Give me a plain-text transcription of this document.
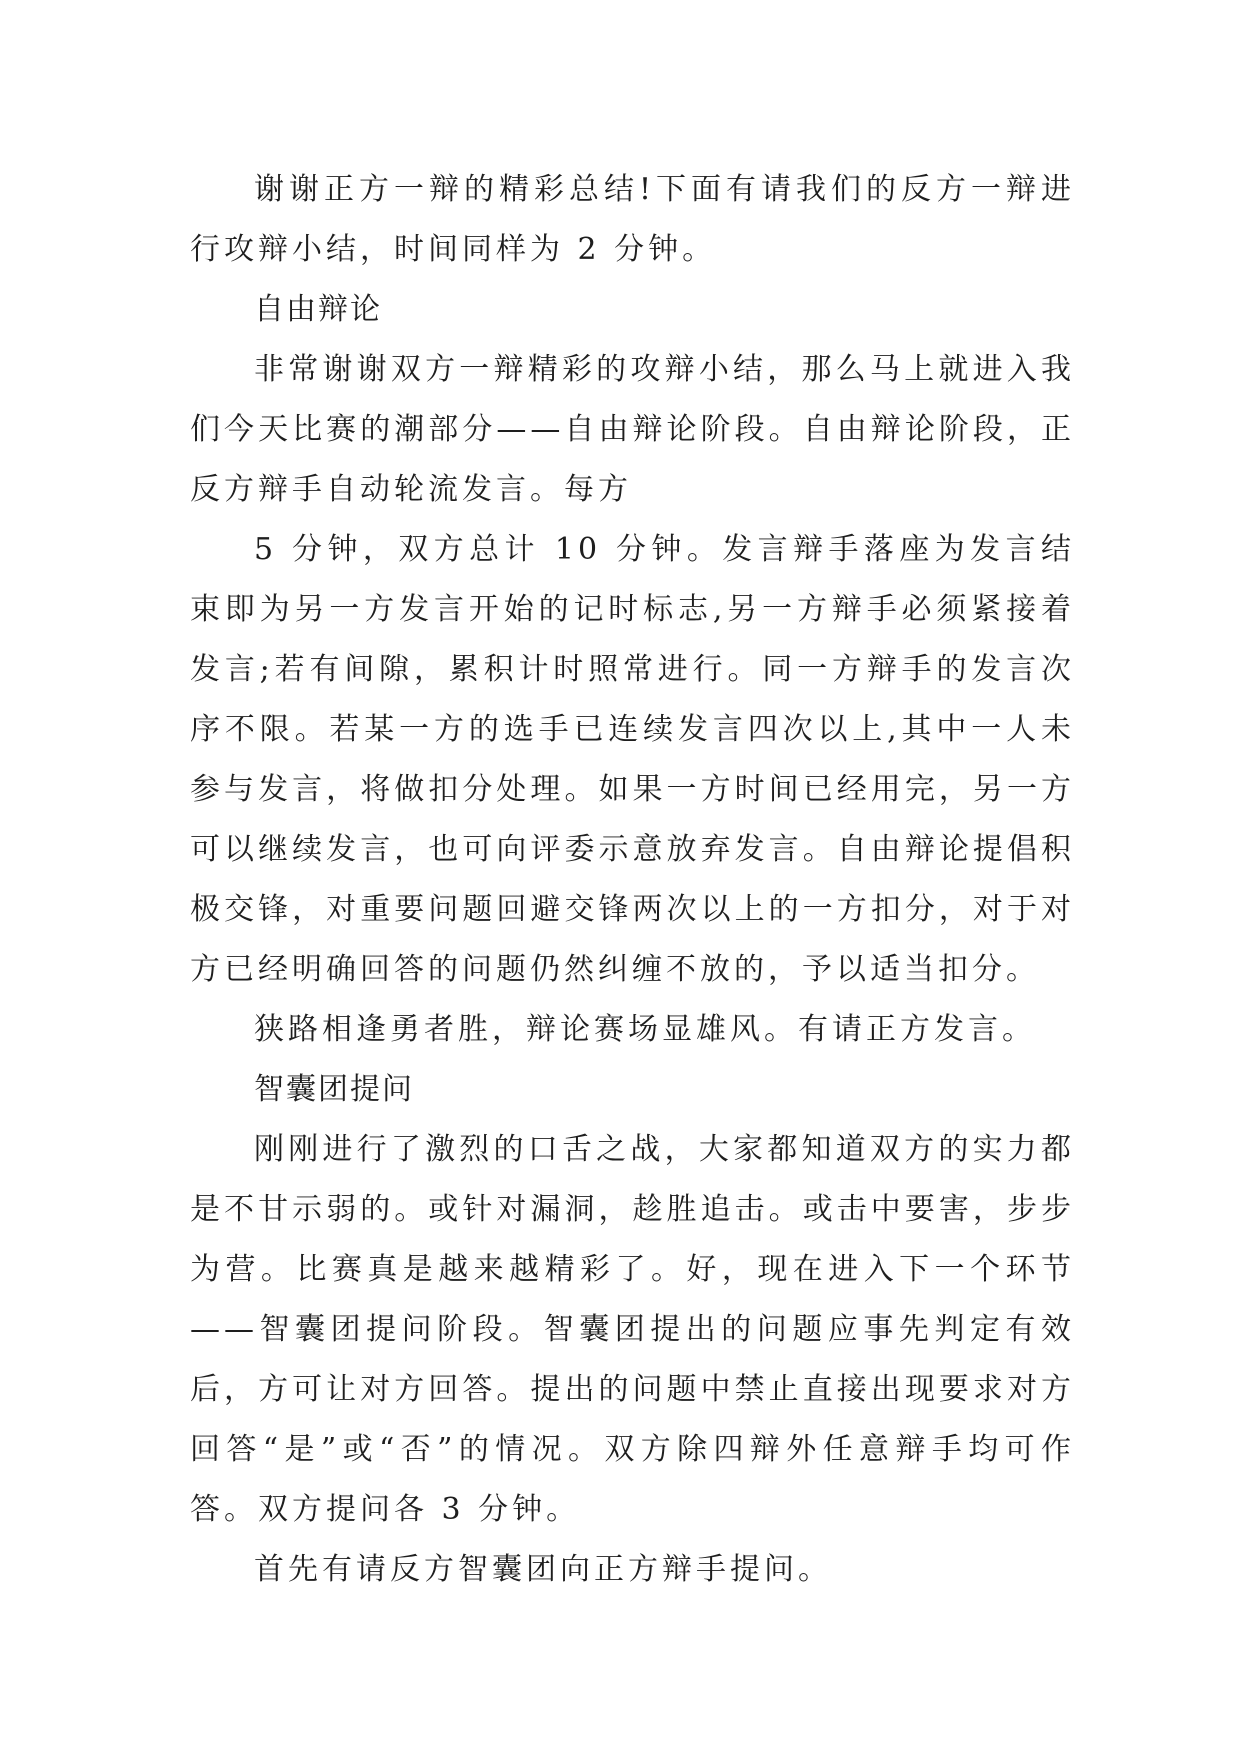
谢谢正方一辩的精彩总结!下面有请我们的反方一辩进行攻辩小结，时间同样为 2 分钟。

自由辩论

非常谢谢双方一辩精彩的攻辩小结，那么马上就进入我们今天比赛的潮部分——自由辩论阶段。自由辩论阶段，正反方辩手自动轮流发言。每方

5 分钟，双方总计 10 分钟。发言辩手落座为发言结束即为另一方发言开始的记时标志,另一方辩手必须紧接着发言;若有间隙，累积计时照常进行。同一方辩手的发言次序不限。若某一方的选手已连续发言四次以上,其中一人未参与发言，将做扣分处理。如果一方时间已经用完，另一方可以继续发言，也可向评委示意放弃发言。自由辩论提倡积极交锋，对重要问题回避交锋两次以上的一方扣分，对于对方已经明确回答的问题仍然纠缠不放的，予以适当扣分。

狭路相逢勇者胜，辩论赛场显雄风。有请正方发言。

智囊团提问

刚刚进行了激烈的口舌之战，大家都知道双方的实力都是不甘示弱的。或针对漏洞，趁胜追击。或击中要害，步步为营。比赛真是越来越精彩了。好，现在进入下一个环节——智囊团提问阶段。智囊团提出的问题应事先判定有效后，方可让对方回答。提出的问题中禁止直接出现要求对方回答“是”或“否”的情况。双方除四辩外任意辩手均可作答。双方提问各 3 分钟。

首先有请反方智囊团向正方辩手提问。
